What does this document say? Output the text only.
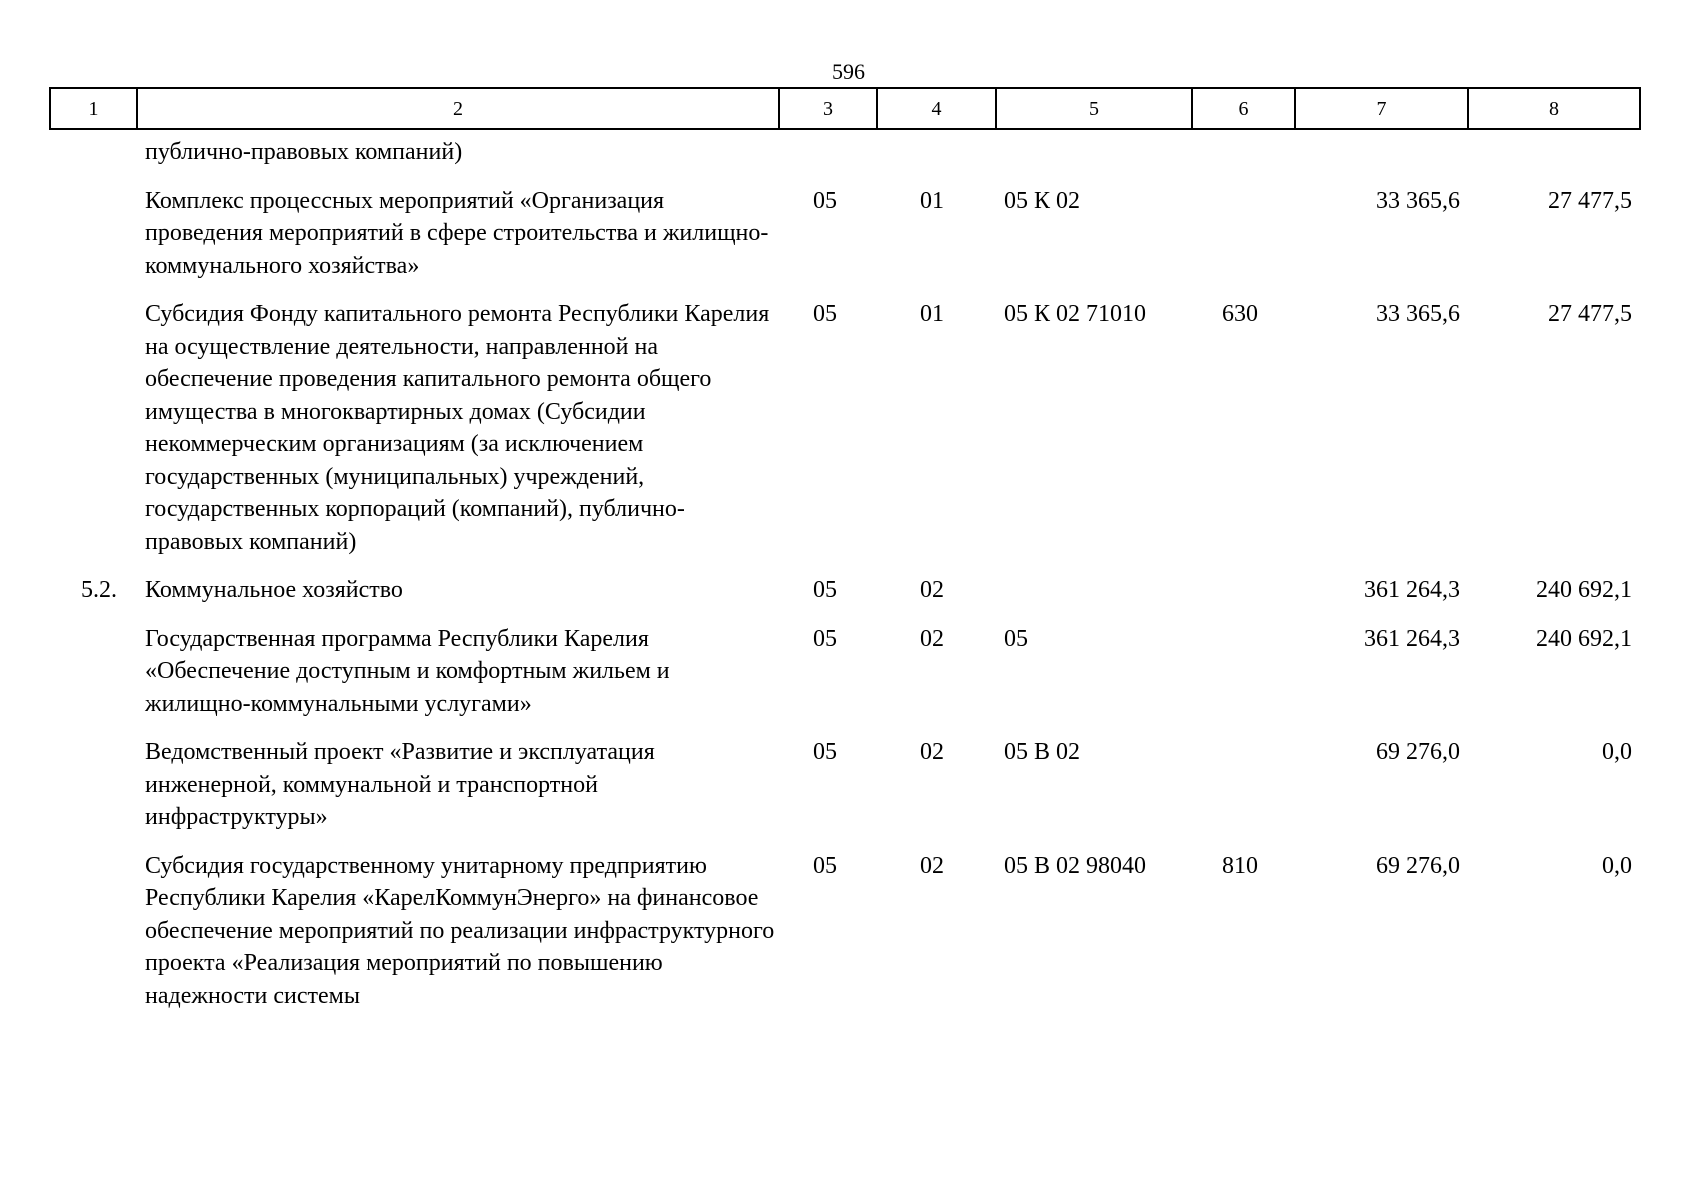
596
1	2	3	4	5	6	7	8
	публично-правовых компаний)						
	Комплекс процессных мероприятий «Организация проведения мероприятий в сфере строительства и жилищно-коммунального хозяйства»	05	01	05 К 02		33 365,6	27 477,5
	Субсидия Фонду капитального ремонта Республики Карелия на осуществление деятельности, направленной на обеспечение проведения капитального ремонта общего имущества в многоквартирных домах (Субсидии некоммерческим организациям (за исключением государственных (муниципальных) учреждений, государственных корпораций (компаний), публично-правовых компаний)	05	01	05 К 02 71010	630	33 365,6	27 477,5
5.2.	Коммунальное хозяйство	05	02			361 264,3	240 692,1
	Государственная программа Республики Карелия «Обеспечение доступным и комфортным жильем и жилищно-коммунальными услугами»	05	02	05		361 264,3	240 692,1
	Ведомственный проект «Развитие и эксплуатация инженерной, коммунальной и транспортной инфраструктуры»	05	02	05 В 02		69 276,0	0,0
	Субсидия государственному унитарному предприятию Республики Карелия «КарелКоммунЭнерго» на финансовое обеспечение мероприятий по реализации инфраструктурного проекта «Реализация мероприятий по повышению надежности системы	05	02	05 В 02 98040	810	69 276,0	0,0
